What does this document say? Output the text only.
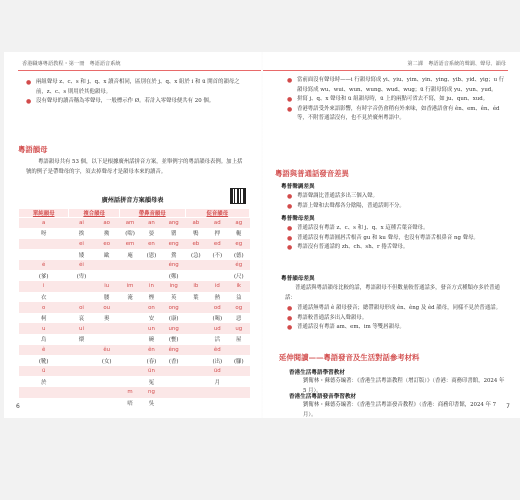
香港職專粵語教程・第一冊　粵語語音系統
● 兩組聲母 z、c、s 和 j、q、x 讀音相同，區別在於 j、q、x 組於 i 和 ü 開首的韻母之前，z、c、s 則用於其他韻母。
● 沒有聲母的讀音稱為零聲母，一般標示作 Ø。若計入零聲母便共有 20 個。
粵語韻母
粵語韻母共有 53 個，以下是根據廣州話拼音方案，並舉例字的粵語韻母表例。加上括號的例子是帶聲母的字，須去掉聲母才是韻母本來的讀音。
廣州話拼音方案韻母表
單純韻母	複合韻母		帶鼻音韻母			促音韻母		
a	ai	ao	am	an	ang	ab	ad	ag
呀	挨	拗	(啱)	晏	罌	鴨	押	軛
	ei	eo	em	en	eng	eb	ed	eg
	矮	歐	庵	(恩)	鶯	(急)	(不)	(德)
é	éi				éng			ég
(爹)	(卑)				(鄭)			(尺)
i		iu	im	in	ing	ib	id	ik
衣		腰	淹	煙	英	葉	熱	益
o	oi	ou		on	ong		od	og
柯	哀	奧		安	(康)		(喝)	惡
u	ui			un	ung		ud	ug
烏	煨			碗	(甕)		活	屋
ê		êu		ên	êng		êd	
(靴)		(女)		(春)	(香)		(出)	(腳)
ü				ün			üd	
於				冤			月	
			m	ng				
			唔	吳				
6
第二課　粵語語音系統的聲調、聲母、韻母
● 當前面沒有聲母時——i 行韻母寫成 yi、yiu、yim、yin、ying、yib、yid、yig；u 行韻母寫成 wu、wui、wun、wung、wud、wug；ü 行韻母寫成 yu、yun、yud。
● 拼寫 j、q、x 聲母和 ü 組韻母時，ü 上的兩點可省去不寫，如 ju、qun、xud。
● 香港粵語受外來語影響，有時字音仍會稍有外來味，如香港語會有 ên、em、ên、éd 等，不附普通話沒有，也不見於廣州粵語中。
粵語與普通話發音差異
粵普聲調差異
● 粵語聲調比普通話多出三個入聲。
● 粵語上聲和去聲都各分陰陽，普通話則不分。
粵普聲母差異
● 普通話沒有粵語 z、c、s 和 j、q、x 這種舌葉音聲母。
● 普通話沒有粵語圓唇舌根音 gu 和 ku 聲母，也沒有粵語舌根鼻音 ng 聲母。
● 粵語沒有普通話的 zh、ch、sh、r 捲舌聲母。
粵普韻母差異
普通話與粵語韻母比較的話，粵語韻母不但數量較普通話多，發音方式種類亦多於普通話：
● 普通話無粵語 ê 韻母發音；總帶韻母形成 ên、êng 及 êd 韻母，同樣不見於普通話。
● 粵語較普通話多出入聲韻母。
● 普通話沒有粵語 am、em、im 等雙唇韻母。
延伸閱讀——粵語發音及生活對話參考材料
香港生活粵語學習教材
劉衛林・蘇德芬編著：《香港生活粵語教程（增訂版）》（香港：商務印書館，2024 年 5 月）。
香港生活粵語發音學習教材
劉衛林・蘇德芬編著：《香港生活粵語發音教程》（香港：商務印書館，2024 年 7 月）。
7
